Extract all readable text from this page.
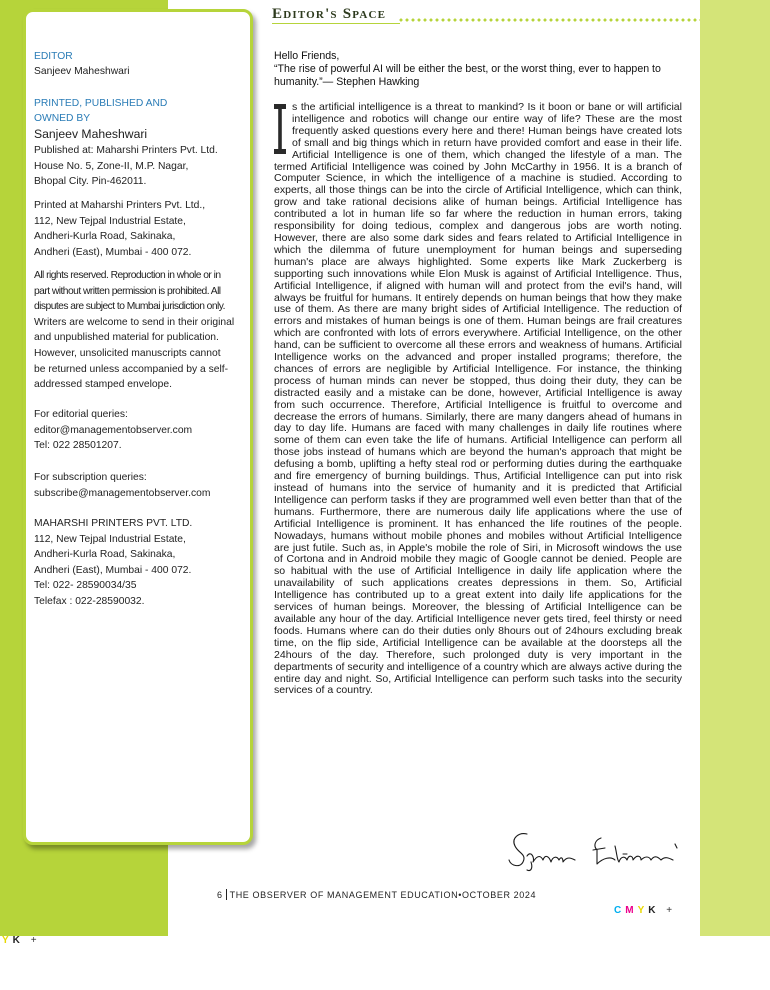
EDITOR
Sanjeev Maheshwari
PRINTED, PUBLISHED AND
OWNED BY
Sanjeev Maheshwari
Published at: Maharshi Printers Pvt. Ltd.
House No. 5, Zone-II, M.P. Nagar,
Bhopal City. Pin-462011.
Printed at Maharshi Printers Pvt. Ltd.,
112, New Tejpal Industrial Estate,
Andheri-Kurla Road, Sakinaka,
Andheri (East), Mumbai - 400 072.
All rights reserved. Reproduction in whole or in
part without written permission is prohibited. All
disputes are subject to Mumbai jurisdiction only.
Writers are welcome to send in their original
and unpublished material for publication.
However, unsolicited manuscripts cannot
be returned unless accompanied by a self-
addressed stamped envelope.
For editorial queries:
editor@managementobserver.com
Tel: 022 28501207.
For subscription queries:
subscribe@managementobserver.com
MAHARSHI PRINTERS PVT. LTD.
112, New Tejpal Industrial Estate,
Andheri-Kurla Road, Sakinaka,
Andheri (East), Mumbai - 400 072.
Tel: 022- 28590034/35
Telefax : 022-28590032.
Editor's Space
Hello Friends,
“The rise of powerful AI will be either the best, or the worst thing, ever to happen to humanity.”— Stephen Hawking
s the artificial intelligence is a threat to mankind? Is it boon or bane or will artificial intelligence and robotics will change our entire way of life? These are the most frequently asked questions every here and there! Human beings have created lots of small and big things which in return have provided comfort and ease in their life. Artificial Intelligence is one of them, which changed the lifestyle of a man. The termed Artificial Intelligence was coined by John McCarthy in 1956. It is a branch of Computer Science, in which the intelligence of a machine is studied. According to experts, all those things can be into the circle of Artificial Intelligence, which can think, grow and take rational decisions alike of human beings. Artificial Intelligence has contributed a lot in human life so far where the reduction in human errors, taking responsibility for doing tedious, complex and dangerous jobs are worth noting. However, there are also some dark sides and fears related to Artificial Intelligence in which the dilemma of future unemployment for human beings and superseding human's place are always highlighted. Some experts like Mark Zuckerberg is supporting such innovations while Elon Musk is against of Artificial Intelligence. Thus, Artificial Intelligence, if aligned with human will and protect from the evil's hand, will always be fruitful for humans. It entirely depends on human beings that how they make use of them. As there are many bright sides of Artificial Intelligence. The reduction of errors and mistakes of human beings is one of them. Human beings are frail creatures which are confronted with lots of errors everywhere. Artificial Intelligence, on the other hand, can be sufficient to overcome all these errors and weakness of humans. Artificial Intelligence works on the advanced and proper installed programs; therefore, the chances of errors are negligible by Artificial Intelligence. For instance, the thinking process of human minds can never be stopped, thus doing their duty, they can be distracted easily and a mistake can be done, however, Artificial Intelligence is away from such occurrence. Therefore, Artificial Intelligence is fruitful to overcome and decrease the errors of humans. Similarly, there are many dangers ahead of humans in day to day life. Humans are faced with many challenges in daily life routines where some of them can even take the life of humans. Artificial Intelligence can perform all those jobs instead of humans which are beyond the human's approach that might be defusing a bomb, uplifting a hefty steal rod or performing duties during the earthquake and fire emergency of burning buildings. Thus, Artificial Intelligence can put into risk instead of humans into the service of humanity and it is predicted that Artificial Intelligence can perform tasks if they are programmed well even better than that of the humans. Furthermore, there are numerous daily life applications where the use of Artificial Intelligence is prominent. It has enhanced the life routines of the people. Nowadays, humans without mobile phones and mobiles without Artificial Intelligence are just futile. Such as, in Apple's mobile the role of Siri, in Microsoft windows the use of Cortona and in Android mobile they magic of Google cannot be denied. People are so habitual with the use of Artificial Intelligence in daily life application where the unavailability of such applications creates depressions in them. So, Artificial Intelligence has contributed up to a great extent into daily life applications for the services of human beings. Moreover, the blessing of Artificial Intelligence can be available any hour of the day. Artificial Intelligence never gets tired, feel thirsty or need foods. Humans where can do their duties only 8hours out of 24hours excluding break time, on the flip side, Artificial Intelligence can be available at the doorsteps all the 24hours of the day. Therefore, such prolonged duty is very important in the departments of security and intelligence of a country which are always active during the entire day and night. So, Artificial Intelligence can perform such tasks into the security services of a country.
6 THE OBSERVER OF MANAGEMENT EDUCATION•OCTOBER 2024
CMYK +
YK +
